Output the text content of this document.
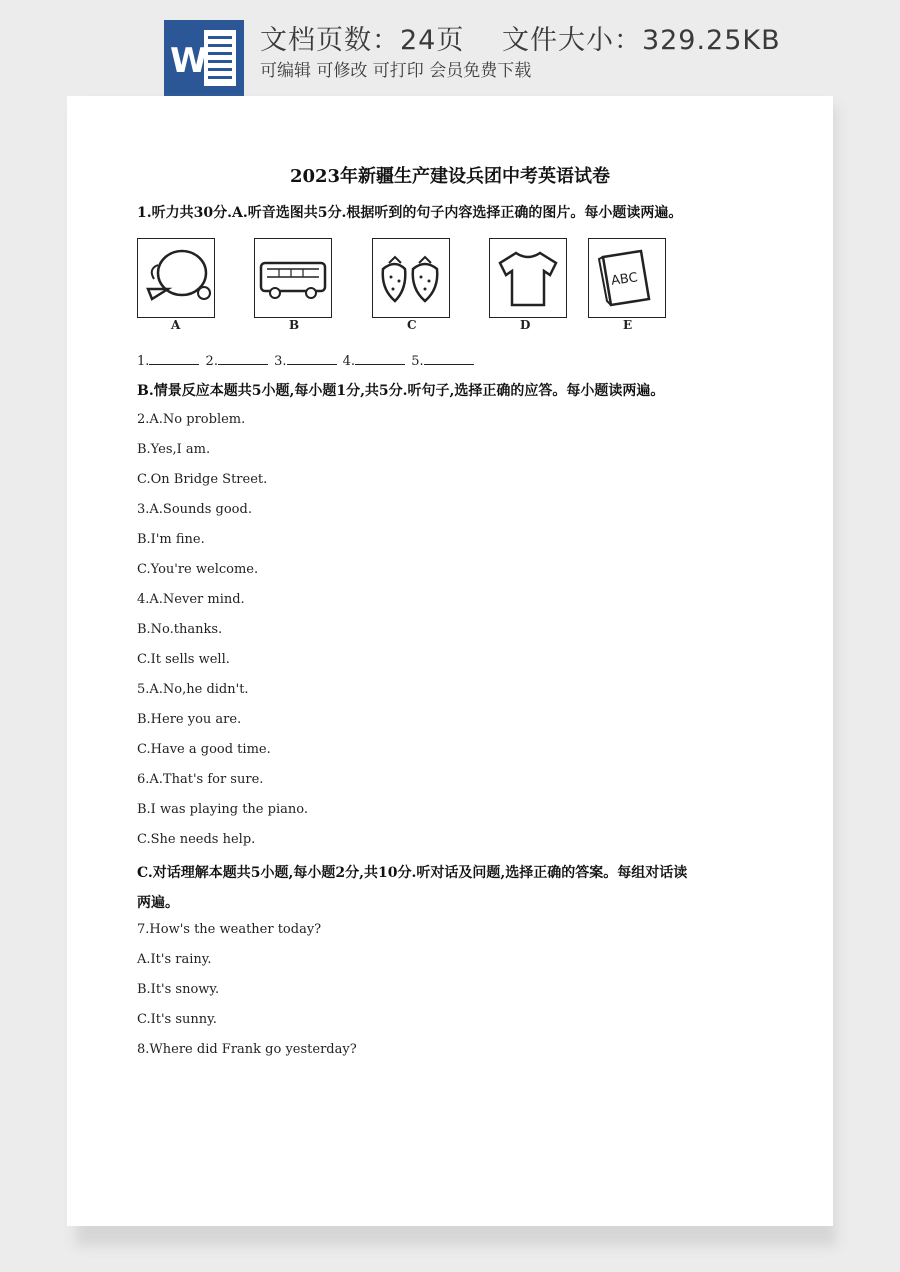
W
文档页数：24页　 文件大小：329.25KB
可编辑 可修改 可打印 会员免费下载
2023年新疆生产建设兵团中考英语试卷
1.听力共30分.A.听音选图共5分.根据听到的句子内容选择正确的图片。每小题读两遍。
ABC
A	B	C	D	E
1.	2.	3.	4.	5.
B.情景反应本题共5小题,每小题1分,共5分.听句子,选择正确的应答。每小题读两遍。
2.A.No problem.
B.Yes,I am.
C.On Bridge Street.
3.A.Sounds good.
B.I'm fine.
C.You're welcome.
4.A.Never mind.
B.No.thanks.
C.It sells well.
5.A.No,he didn't.
B.Here you are.
C.Have a good time.
6.A.That's for sure.
B.I was playing the piano.
C.She needs help.
C.对话理解本题共5小题,每小题2分,共10分.听对话及问题,选择正确的答案。每组对话读
两遍。
7.How's the weather today?
A.It's rainy.
B.It's snowy.
C.It's sunny.
8.Where did Frank go yesterday?
